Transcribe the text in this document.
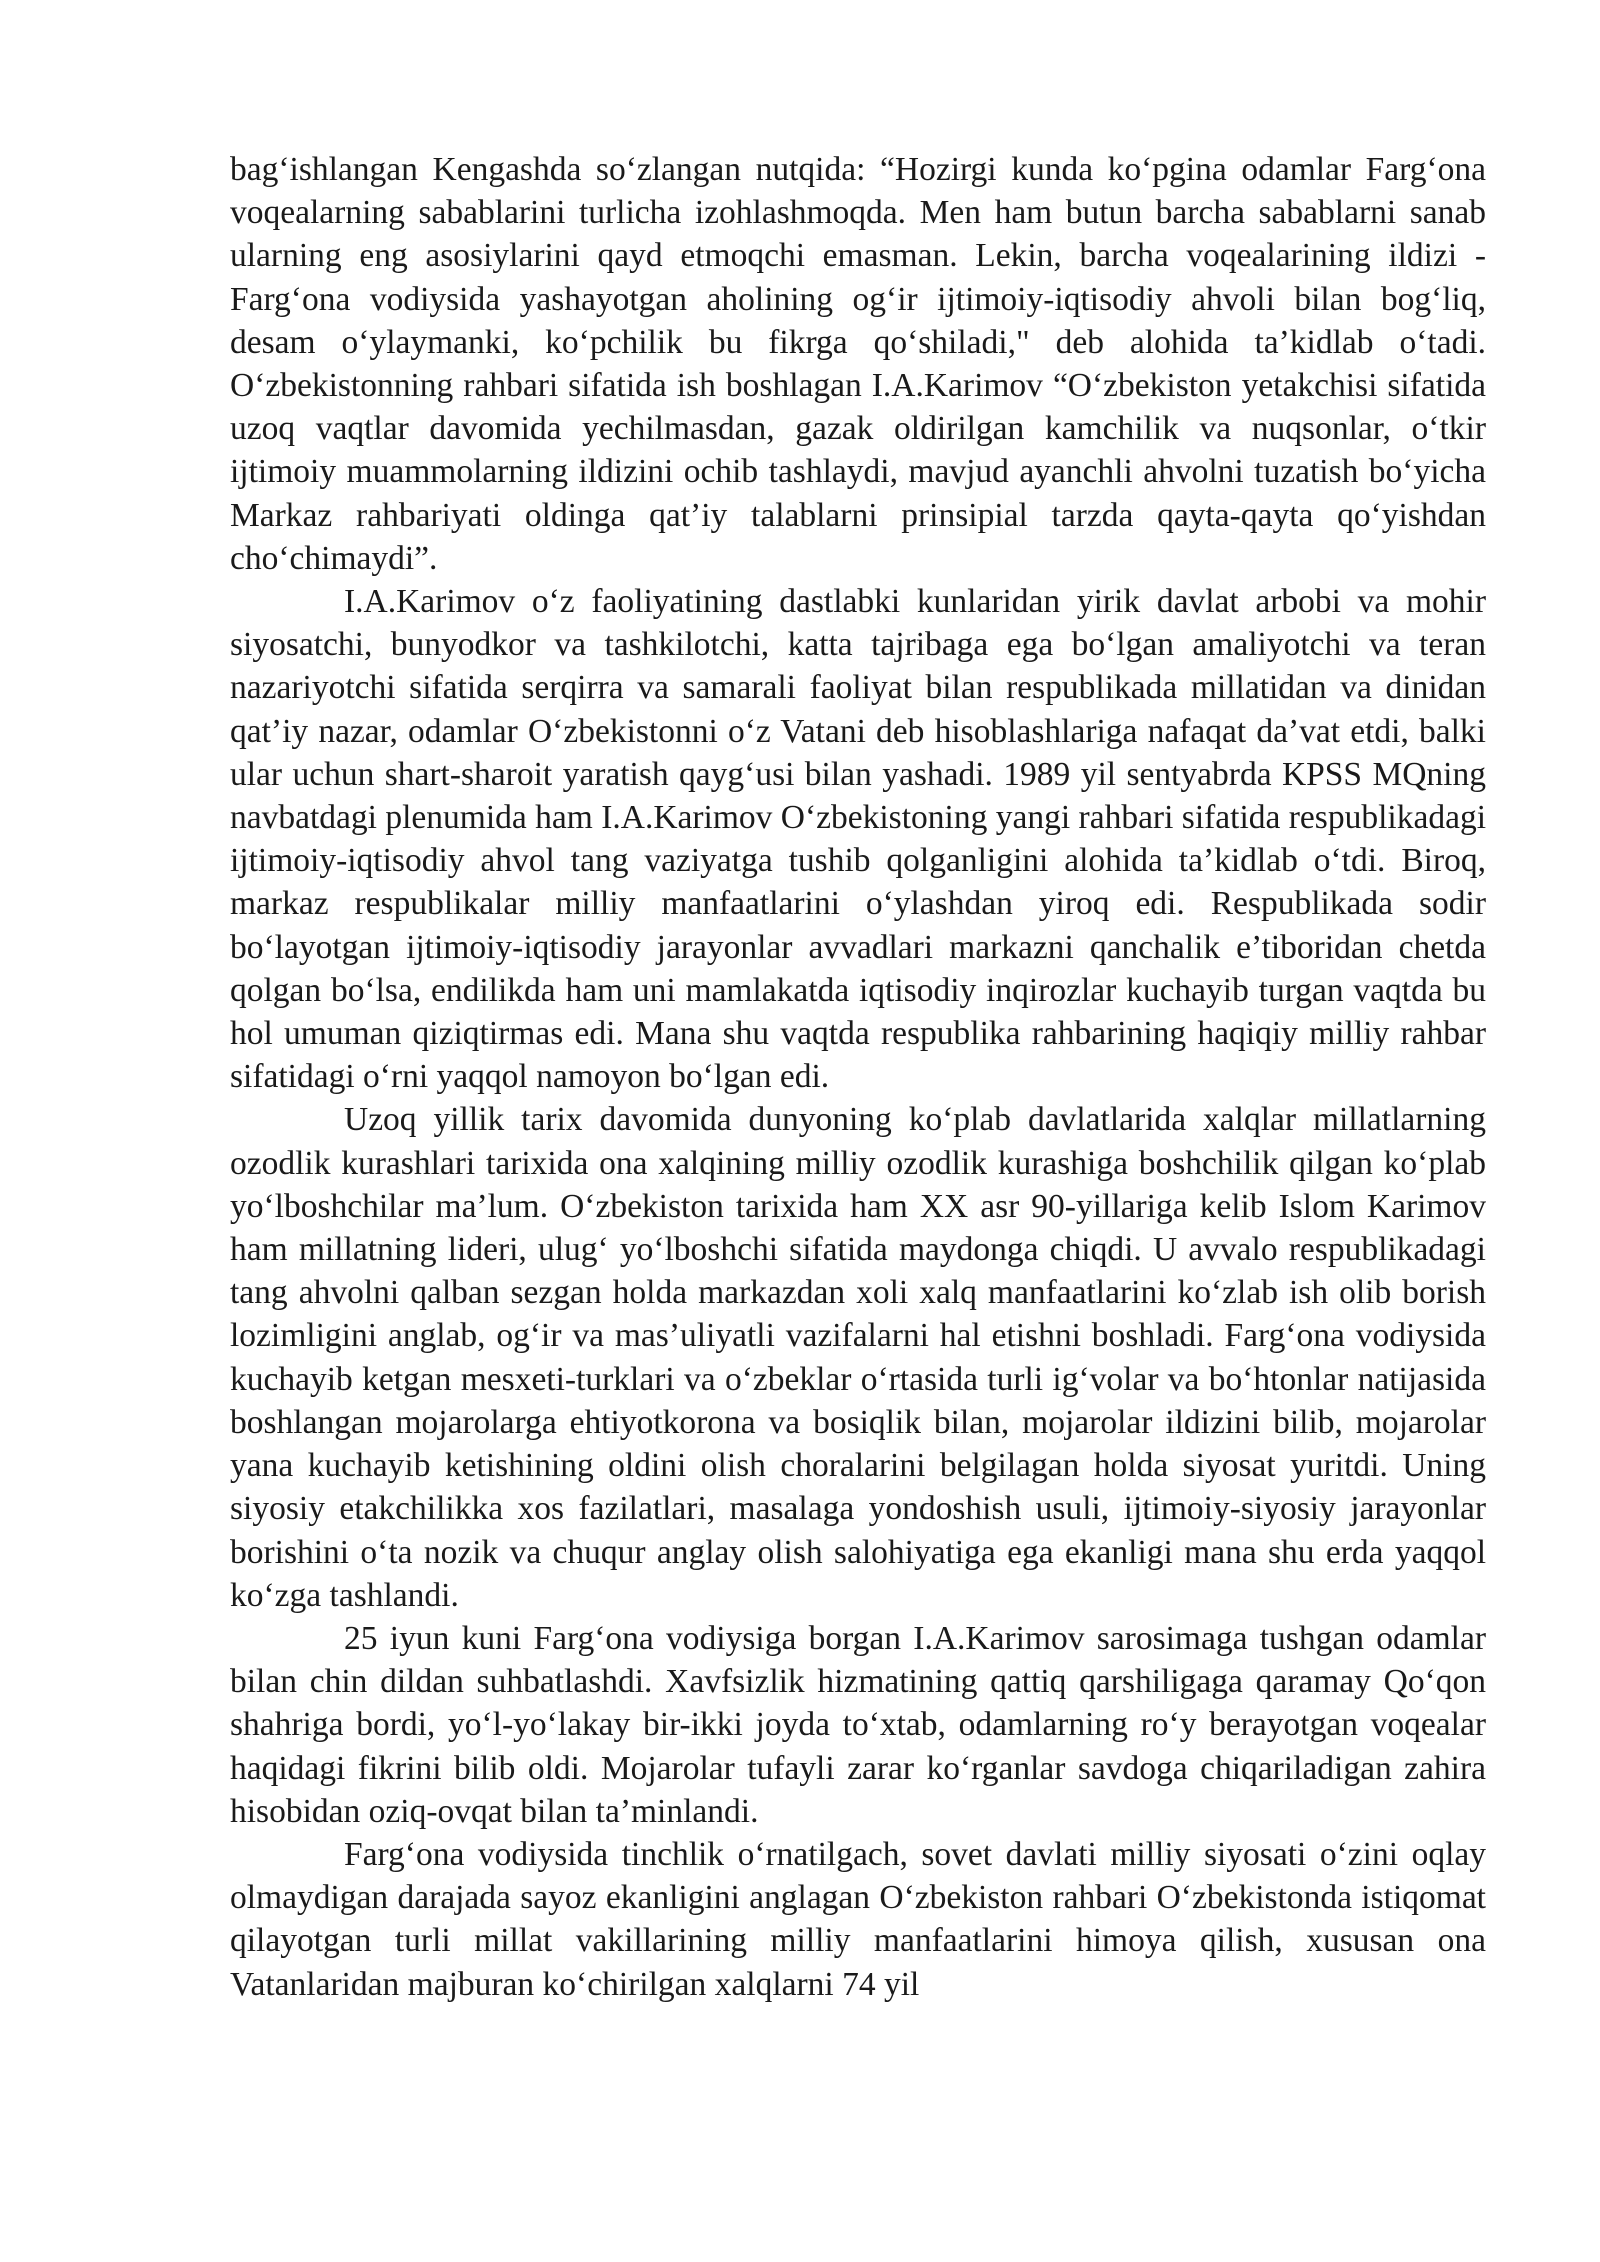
bag‘ishlangan Kengashda so‘zlangan nutqida: “Hozirgi kunda ko‘pgina odamlar Farg‘ona voqealarning sabablarini turlicha izohlashmoqda. Men ham butun barcha sabablarni sanab ularning eng asosiylarini qayd etmoqchi emasman. Lekin, barcha voqealarining ildizi - Farg‘ona vodiysida yashayotgan aholining og‘ir ijtimoiy-iqtisodiy ahvoli bilan bog‘liq, desam o‘ylaymanki, ko‘pchilik bu fikrga qo‘shiladi," deb alohida ta’kidlab o‘tadi. O‘zbekistonning rahbari sifatida ish boshlagan I.A.Karimov “O‘zbekiston yetakchisi sifatida uzoq vaqtlar davomida yechilmasdan, gazak oldirilgan kamchilik va nuqsonlar, o‘tkir ijtimoiy muammolarning ildizini ochib tashlaydi, mavjud ayanchli ahvolni tuzatish bo‘yicha Markaz rahbariyati oldinga qat’iy talablarni prinsipial tarzda qayta-qayta qo‘yishdan cho‘chimaydi”.

I.A.Karimov o‘z faoliyatining dastlabki kunlaridan yirik davlat arbobi va mohir siyosatchi, bunyodkor va tashkilotchi, katta tajribaga ega bo‘lgan amaliyotchi va teran nazariyotchi sifatida serqirra va samarali faoliyat bilan respublikada millatidan va dinidan qat’iy nazar, odamlar O‘zbekistonni o‘z Vatani deb hisoblashlariga nafaqat da’vat etdi, balki ular uchun shart-sharoit yaratish qayg‘usi bilan yashadi. 1989 yil sentyabrda KPSS MQning navbatdagi plenumida ham I.A.Karimov O‘zbekistoning yangi rahbari sifatida respublikadagi ijtimoiy-iqtisodiy ahvol tang vaziyatga tushib qolganligini alohida ta’kidlab o‘tdi. Biroq, markaz respublikalar milliy manfaatlarini o‘ylashdan yiroq edi. Respublikada sodir bo‘layotgan ijtimoiy-iqtisodiy jarayonlar avvadlari markazni qanchalik e’tiboridan chetda qolgan bo‘lsa, endilikda ham uni mamlakatda iqtisodiy inqirozlar kuchayib turgan vaqtda bu hol umuman qiziqtirmas edi. Mana shu vaqtda respublika rahbarining haqiqiy milliy rahbar sifatidagi o‘rni yaqqol namoyon bo‘lgan edi.

Uzoq yillik tarix davomida dunyoning ko‘plab davlatlarida xalqlar millatlarning ozodlik kurashlari tarixida ona xalqining milliy ozodlik kurashiga boshchilik qilgan ko‘plab yo‘lboshchilar ma’lum. O‘zbekiston tarixida ham XX asr 90-yillariga kelib Islom Karimov ham millatning lideri, ulug‘ yo‘lboshchi sifatida maydonga chiqdi. U avvalo respublikadagi tang ahvolni qalban sezgan holda markazdan xoli xalq manfaatlarini ko‘zlab ish olib borish lozimligini anglab, og‘ir va mas’uliyatli vazifalarni hal etishni boshladi. Farg‘ona vodiysida kuchayib ketgan mesxeti-turklari va o‘zbeklar o‘rtasida turli ig‘volar va bo‘htonlar natijasida boshlangan mojarolarga ehtiyotkorona va bosiqlik bilan, mojarolar ildizini bilib, mojarolar yana kuchayib ketishining oldini olish choralarini belgilagan holda siyosat yuritdi. Uning siyosiy etakchilikka xos fazilatlari, masalaga yondoshish usuli, ijtimoiy-siyosiy jarayonlar borishini o‘ta nozik va chuqur anglay olish salohiyatiga ega ekanligi mana shu erda yaqqol ko‘zga tashlandi.

25 iyun kuni Farg‘ona vodiysiga borgan I.A.Karimov sarosimaga tushgan odamlar bilan chin dildan suhbatlashdi. Xavfsizlik hizmatining qattiq qarshiligaga qaramay Qo‘qon shahriga bordi, yo‘l-yo‘lakay bir-ikki joyda to‘xtab, odamlarning ro‘y berayotgan voqealar haqidagi fikrini bilib oldi. Mojarolar tufayli zarar ko‘rganlar savdoga chiqariladigan zahira hisobidan oziq-ovqat bilan ta’minlandi.

Farg‘ona vodiysida tinchlik o‘rnatilgach, sovet davlati milliy siyosati o‘zini oqlay olmaydigan darajada sayoz ekanligini anglagan O‘zbekiston rahbari O‘zbekistonda istiqomat qilayotgan turli millat vakillarining milliy manfaatlarini himoya qilish, xususan ona Vatanlaridan majburan ko‘chirilgan xalqlarni 74 yil
